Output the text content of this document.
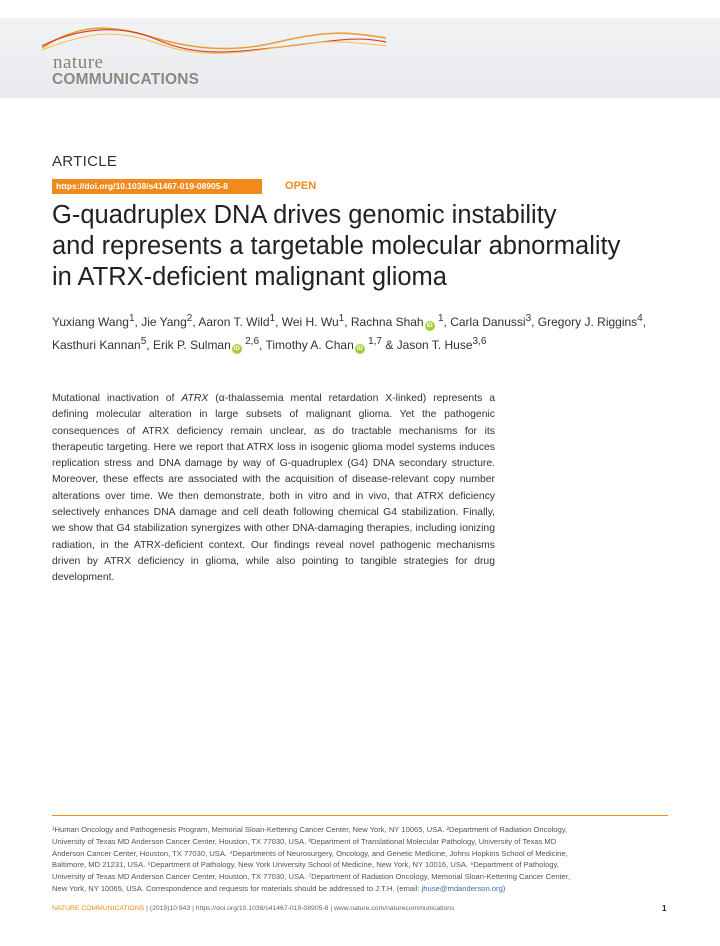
nature
COMMUNICATIONS
ARTICLE
https://doi.org/10.1038/s41467-019-08905-8	OPEN
G-quadruplex DNA drives genomic instability
and represents a targetable molecular abnormality
in ATRX-deficient malignant glioma
Yuxiang Wang$^1$, Jie Yang$^2$, Aaron T. Wild$^1$, Wei H. Wu$^1$, Rachna Shah iD $^1$, Carla Danussi$^3$, Gregory J. Riggins$^4$,
Kasthuri Kannan$^5$, Erik P. Sulman iD $^{2,6}$, Timothy A. Chan iD $^{1,7}$ & Jason T. Huse$^{3,6}$

Mutational inactivation of ATRX (α-thalassemia mental retardation X-linked) represents a defining molecular alteration in large subsets of malignant glioma. Yet the pathogenic consequences of ATRX deficiency remain unclear, as do tractable mechanisms for its therapeutic targeting. Here we report that ATRX loss in isogenic glioma model systems induces replication stress and DNA damage by way of G-quadruplex (G4) DNA secondary structure. Moreover, these effects are associated with the acquisition of disease-relevant copy number alterations over time. We then demonstrate, both in vitro and in vivo, that ATRX deficiency selectively enhances DNA damage and cell death following chemical G4 stabilization. Finally, we show that G4 stabilization synergizes with other DNA-damaging therapies, including ionizing radiation, in the ATRX-deficient context. Our findings reveal novel pathogenic mechanisms driven by ATRX deficiency in glioma, while also pointing to tangible strategies for drug development.

¹Human Oncology and Pathogenesis Program, Memorial Sloan-Kettering Cancer Center, New York, NY 10065, USA. ²Department of Radiation Oncology,
University of Texas MD Anderson Cancer Center, Houston, TX 77030, USA. ³Department of Translational Molecular Pathology, University of Texas MD
Anderson Cancer Center, Houston, TX 77030, USA. ⁴Departments of Neurosurgery, Oncology, and Genetic Medicine, Johns Hopkins School of Medicine,
Baltimore, MD 21231, USA. ⁵Department of Pathology, New York University School of Medicine, New York, NY 10016, USA. ⁶Department of Pathology,
University of Texas MD Anderson Cancer Center, Houston, TX 77030, USA. ⁷Department of Radiation Oncology, Memorial Sloan-Kettering Cancer Center,
New York, NY 10065, USA. Correspondence and requests for materials should be addressed to J.T.H. (email: jhuse@mdanderson.org)
NATURE COMMUNICATIONS | (2019)10:943 | https://doi.org/10.1038/s41467-019-08905-8 | www.nature.com/naturecommunications	1
